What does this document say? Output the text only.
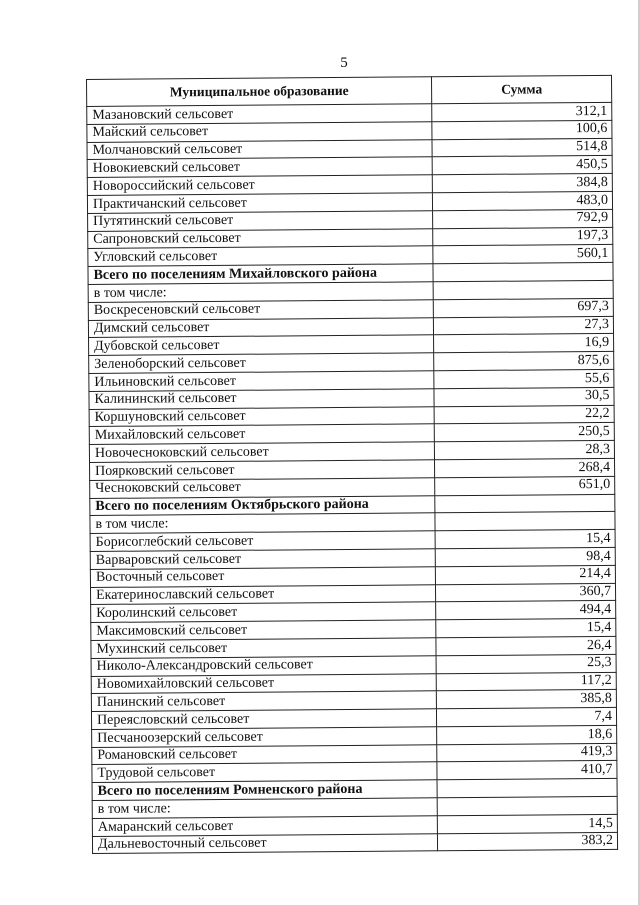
5
Муниципальное образование	Сумма
Мазановский сельсовет	312,1
Майский сельсовет	100,6
Молчановский сельсовет	514,8
Новокиевский сельсовет	450,5
Новороссийский сельсовет	384,8
Практичанский сельсовет	483,0
Путятинский сельсовет	792,9
Сапроновский сельсовет	197,3
Угловский сельсовет	560,1
Всего по поселениям Михайловского района	
в том числе:	
Воскресеновский сельсовет	697,3
Димский сельсовет	27,3
Дубовской сельсовет	16,9
Зеленоборский сельсовет	875,6
Ильиновский сельсовет	55,6
Калининский сельсовет	30,5
Коршуновский сельсовет	22,2
Михайловский сельсовет	250,5
Новочесноковский сельсовет	28,3
Поярковский сельсовет	268,4
Чесноковский сельсовет	651,0
Всего по поселениям Октябрьского района	
в том числе:	
Борисоглебский сельсовет	15,4
Варваровский сельсовет	98,4
Восточный сельсовет	214,4
Екатеринославский сельсовет	360,7
Королинский сельсовет	494,4
Максимовский сельсовет	15,4
Мухинский сельсовет	26,4
Николо-Александровский сельсовет	25,3
Новомихайловский сельсовет	117,2
Панинский сельсовет	385,8
Переясловский сельсовет	7,4
Песчаноозерский сельсовет	18,6
Романовский сельсовет	419,3
Трудовой сельсовет	410,7
Всего по поселениям Ромненского района	
в том числе:	
Амаранский сельсовет	14,5
Дальневосточный сельсовет	383,2
